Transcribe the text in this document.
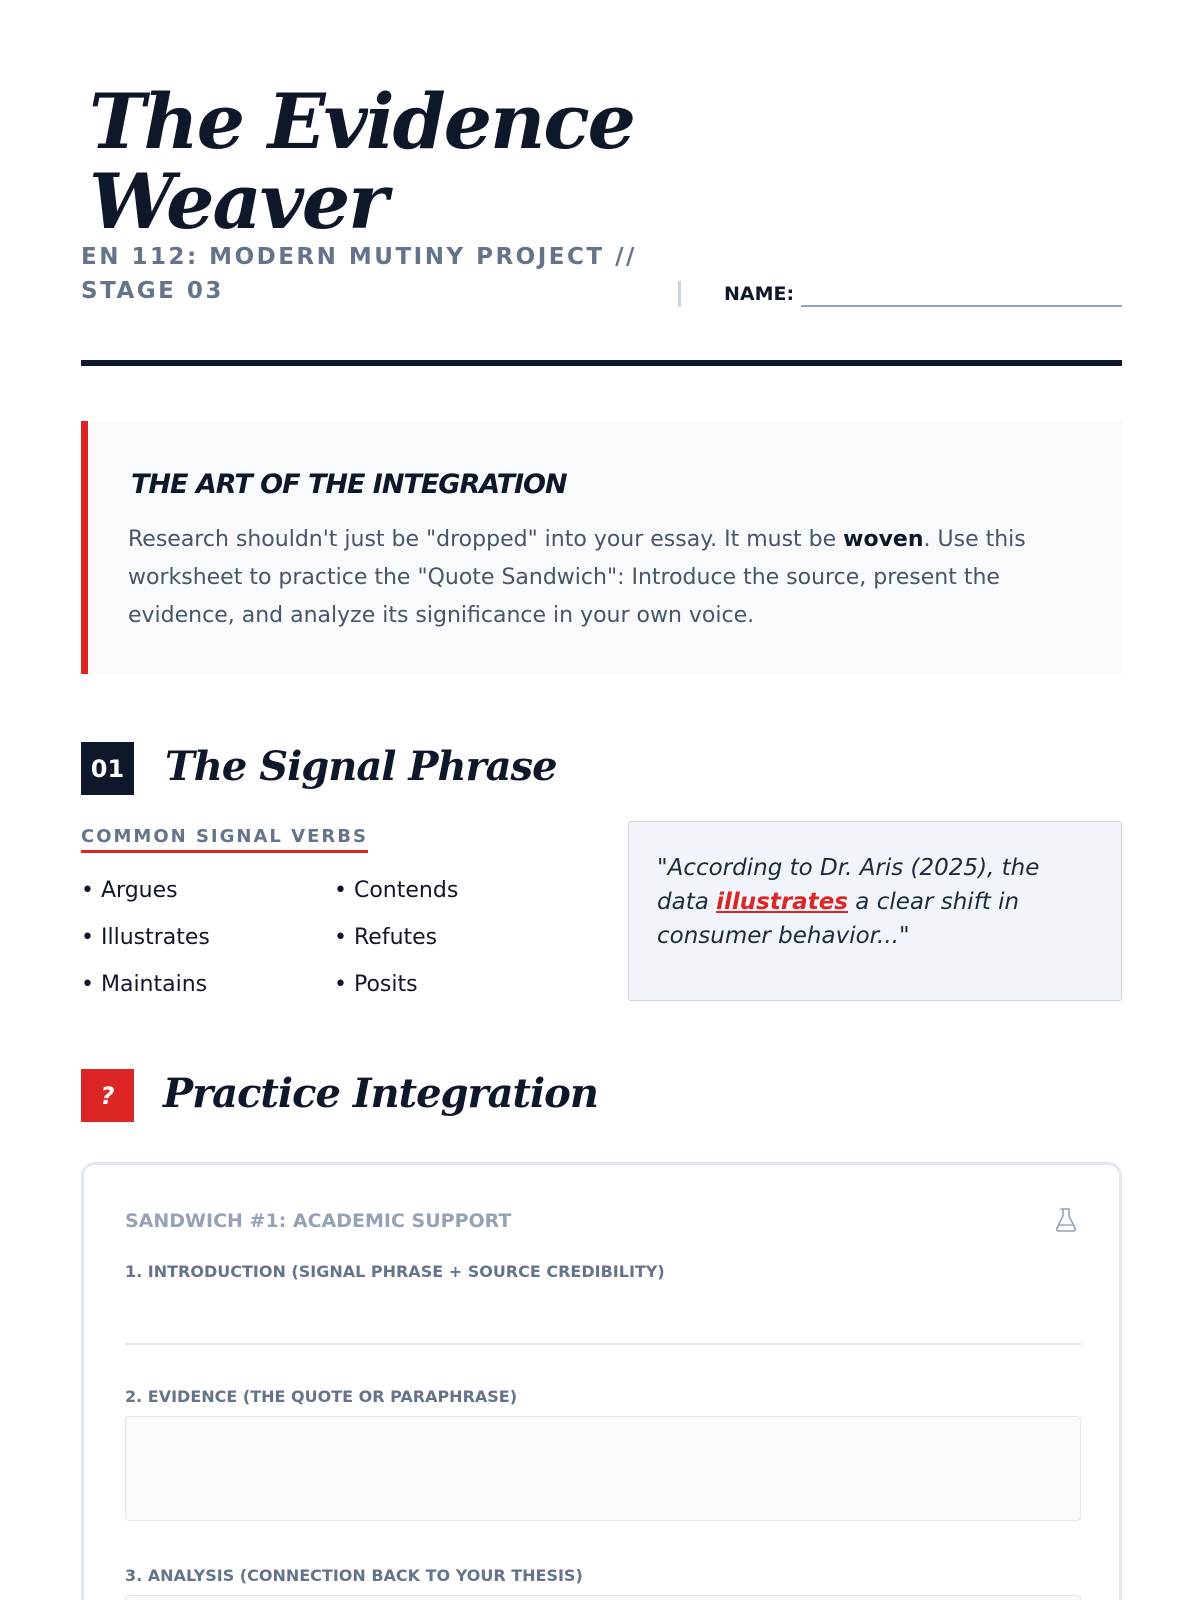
The Evidence
Weaver
EN 112: MODERN MUTINY PROJECT // STAGE 03	NAME:
THE ART OF THE INTEGRATION

Research shouldn't just be "dropped" into your essay. It must be woven. Use this worksheet to practice the "Quote Sandwich": Introduce the source, present the evidence, and analyze its significance in your own voice.

01 The Signal Phrase
COMMON SIGNAL VERBS
• Argues	• Contends
• Illustrates	• Refutes
• Maintains	• Posits
"According to Dr. Aris (2025), the data illustrates a clear shift in consumer behavior..."
?	Practice Integration
SANDWICH #1: ACADEMIC SUPPORT
1. INTRODUCTION (SIGNAL PHRASE + SOURCE CREDIBILITY)
2. EVIDENCE (THE QUOTE OR PARAPHRASE)
3. ANALYSIS (CONNECTION BACK TO YOUR THESIS)
